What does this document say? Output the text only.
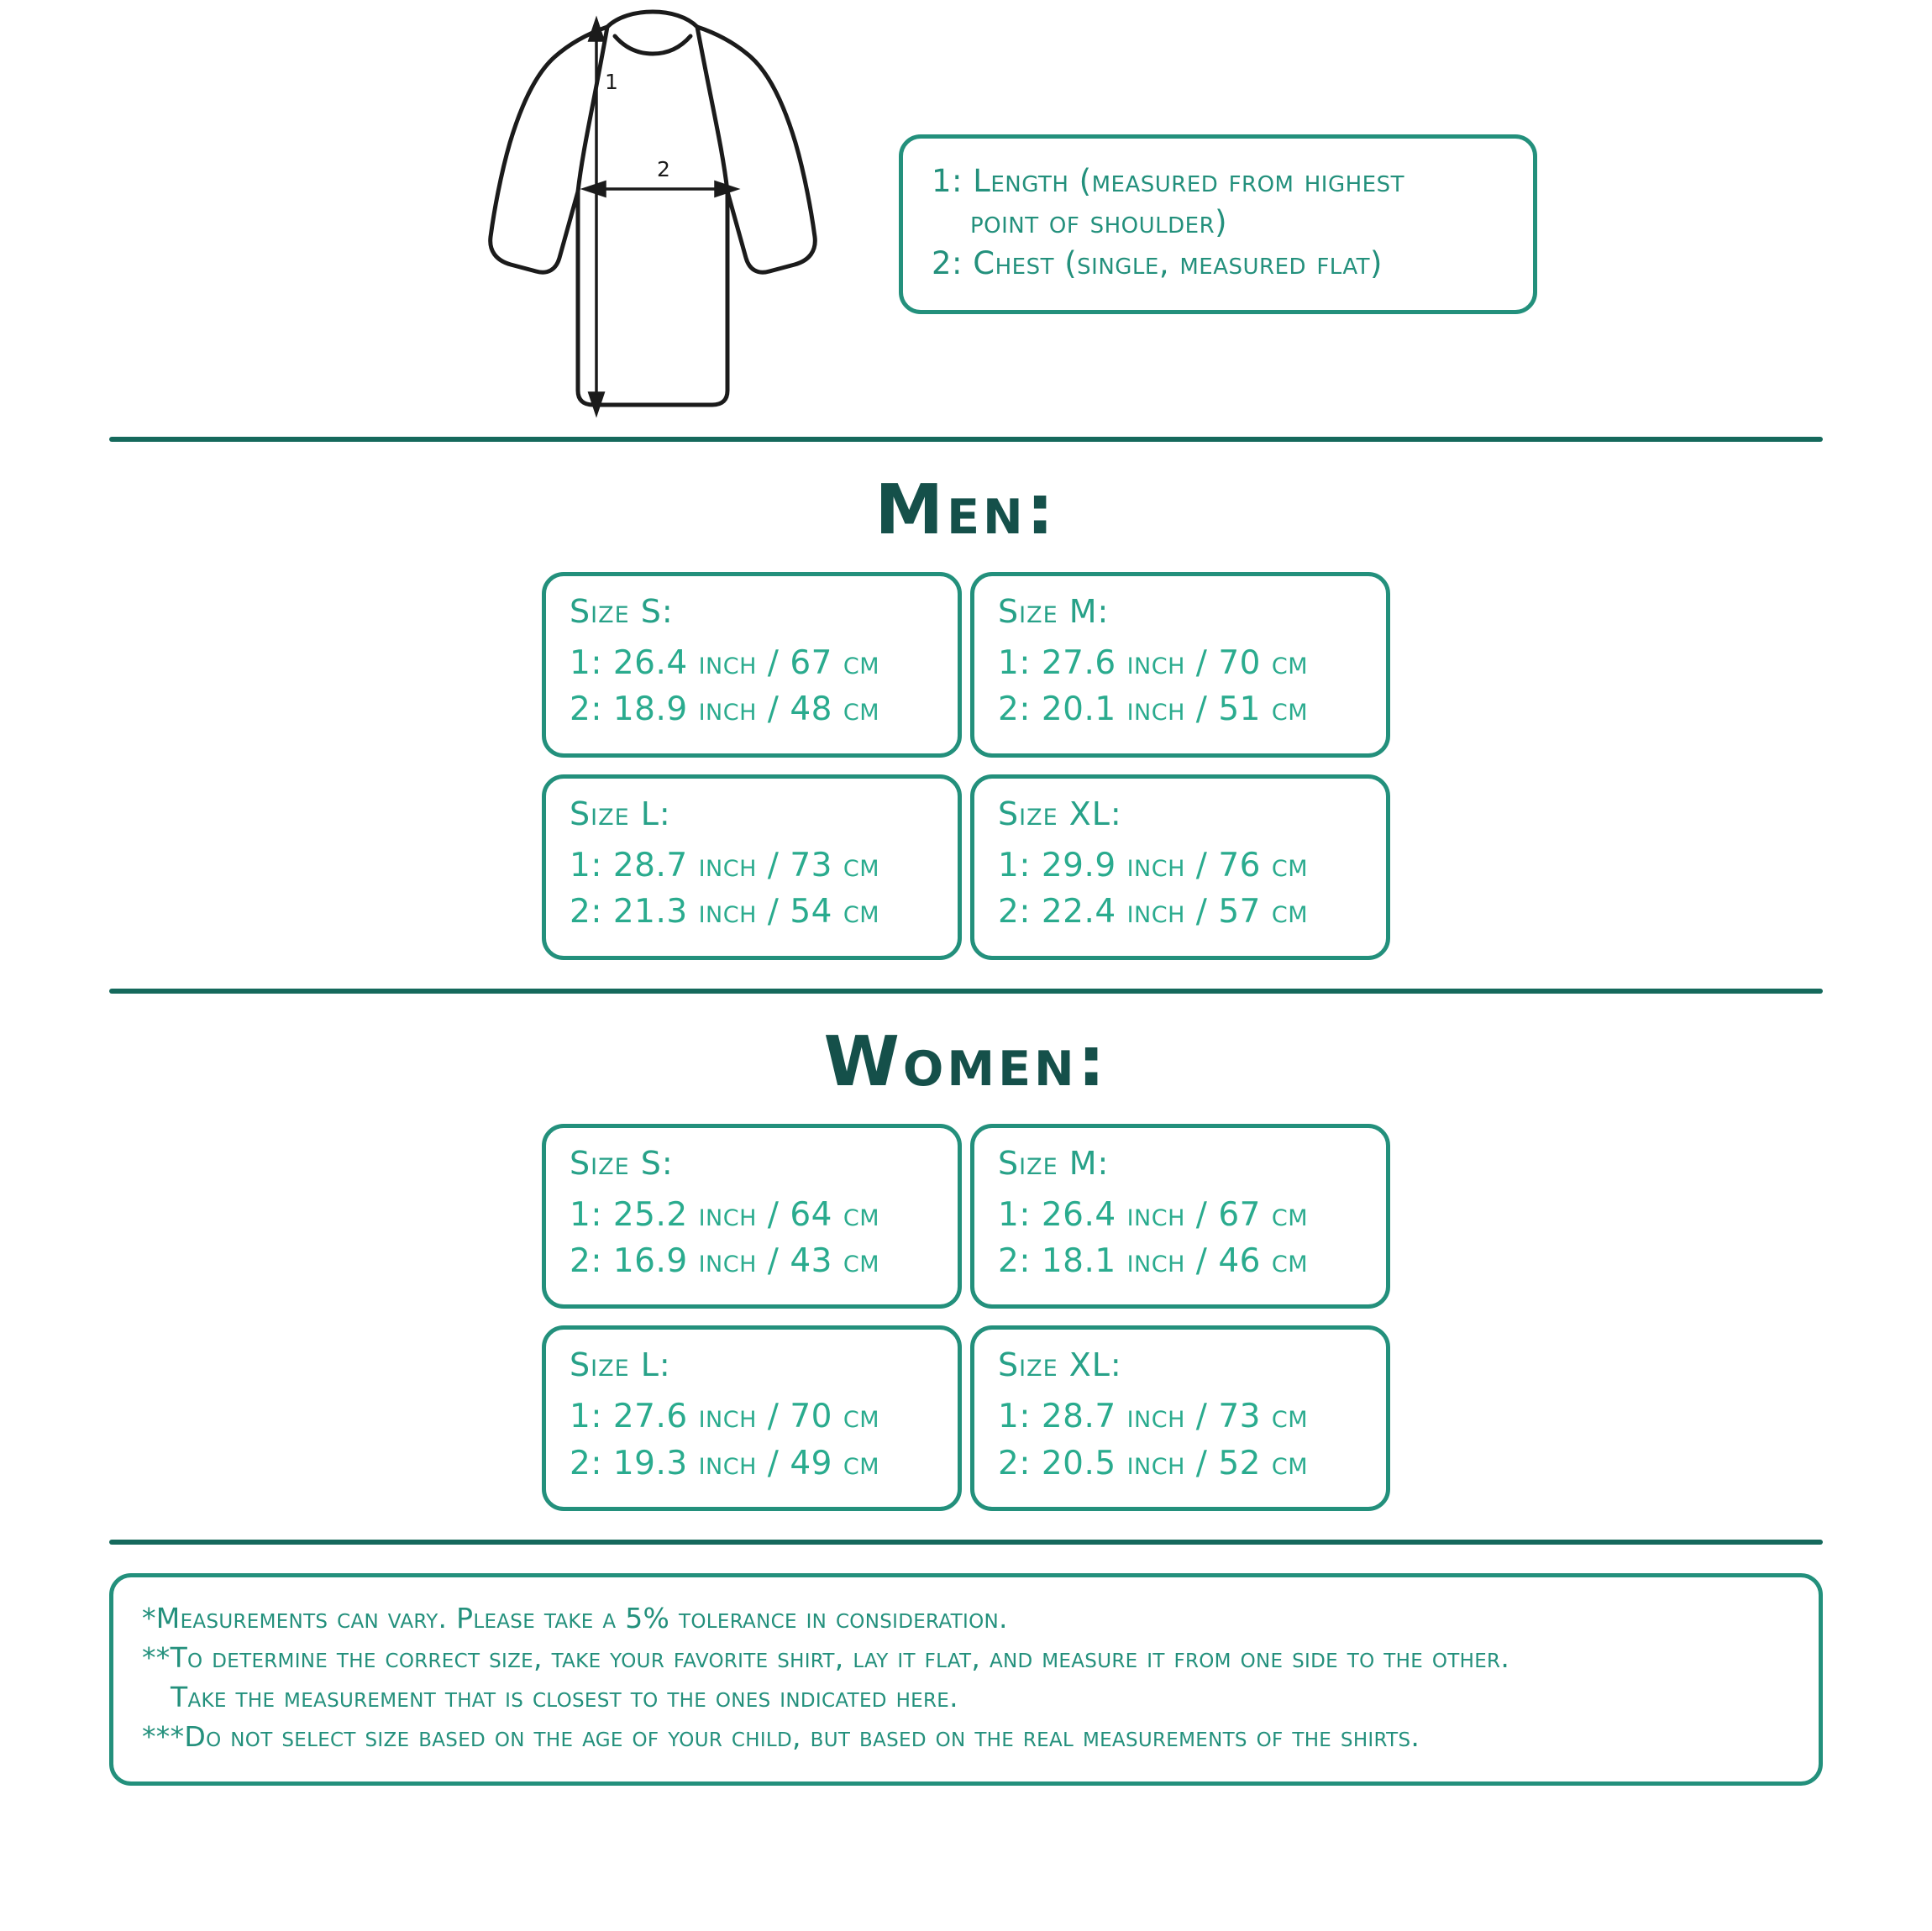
1
2	1: Length (measured from highest
point of shoulder)
2: Chest (single, measured flat)
Men:
Size S:
1: 26.4 inch / 67 cm
2: 18.9 inch / 48 cm
Size M:
1: 27.6 inch / 70 cm
2: 20.1 inch / 51 cm
Size L:
1: 28.7 inch / 73 cm
2: 21.3 inch / 54 cm
Size XL:
1: 29.9 inch / 76 cm
2: 22.4 inch / 57 cm
Women:
Size S:
1: 25.2 inch / 64 cm
2: 16.9 inch / 43 cm
Size M:
1: 26.4 inch / 67 cm
2: 18.1 inch / 46 cm
Size L:
1: 27.6 inch / 70 cm
2: 19.3 inch / 49 cm
Size XL:
1: 28.7 inch / 73 cm
2: 20.5 inch / 52 cm
*Measurements can vary. Please take a 5% tolerance in consideration.
**To determine the correct size, take your favorite shirt, lay it flat, and measure it from one side to the other.
Take the measurement that is closest to the ones indicated here.
***Do not select size based on the age of your child, but based on the real measurements of the shirts.
